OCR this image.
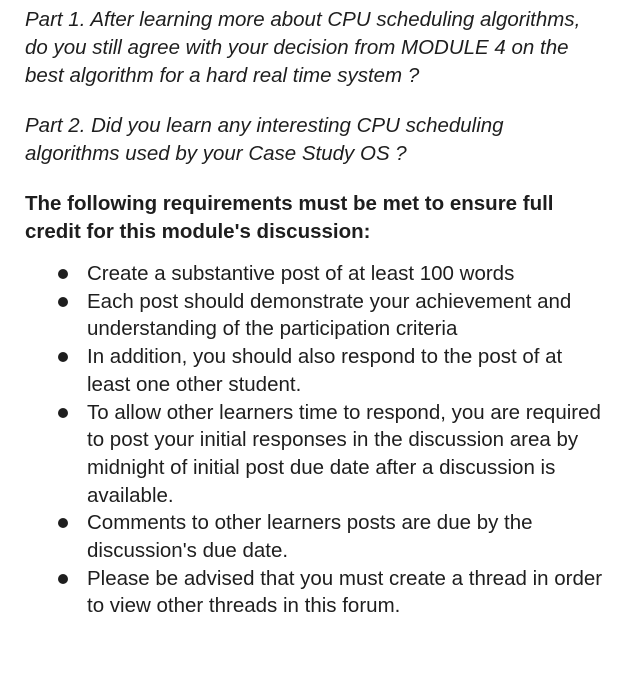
Part 1. After learning more about CPU scheduling algorithms, do you still agree with your decision from MODULE 4 on the best algorithm for a hard real time system ?

Part 2. Did you learn any interesting CPU scheduling algorithms used by your Case Study OS ?

The following requirements must be met to ensure full credit for this module's discussion:

Create a substantive post of at least 100 words
Each post should demonstrate your achievement and understanding of the participation criteria
In addition, you should also respond to the post of at least one other student.
To allow other learners time to respond, you are required to post your initial responses in the discussion area by midnight of initial post due date after a discussion is available.
Comments to other learners posts are due by the discussion's due date.
Please be advised that you must create a thread in order to view other threads in this forum.
